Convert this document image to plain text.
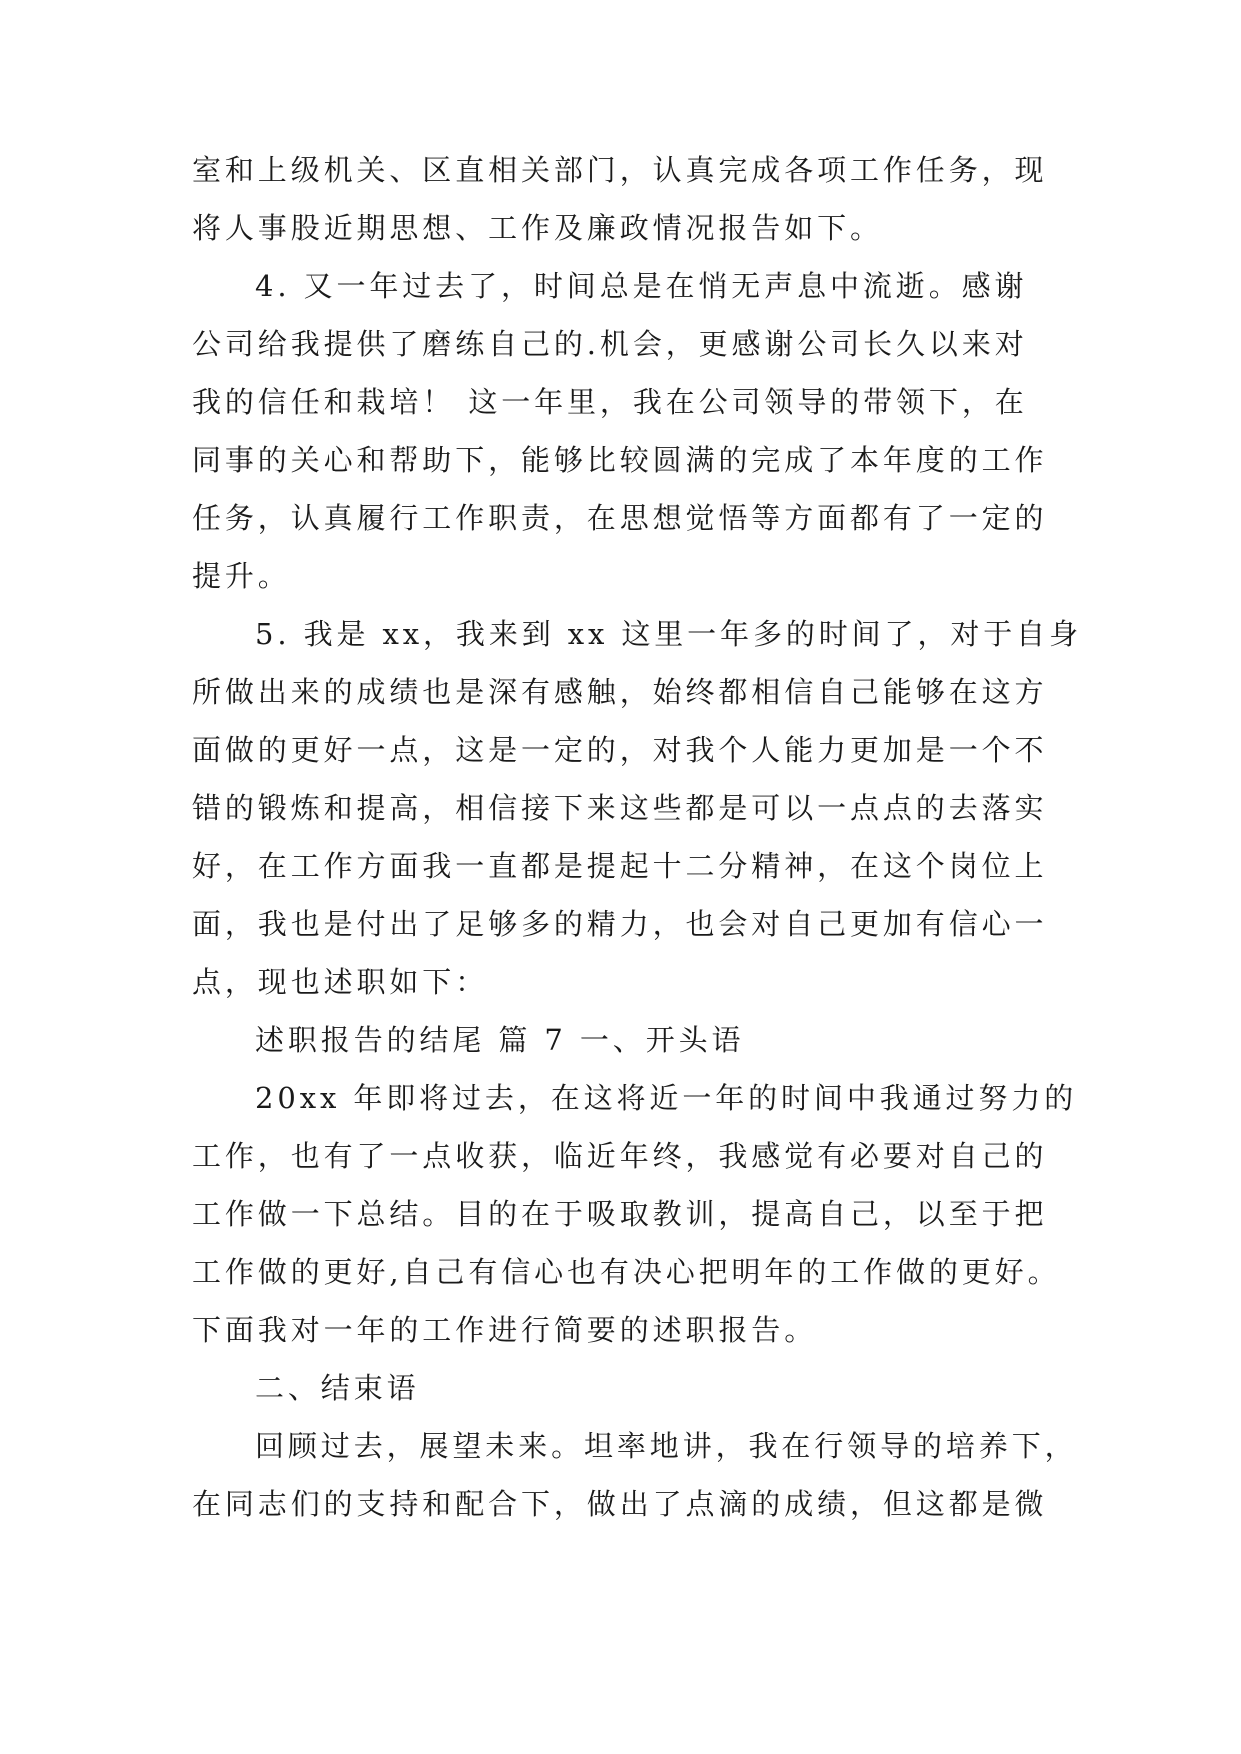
室和上级机关、区直相关部门，认真完成各项工作任务，现
将人事股近期思想、工作及廉政情况报告如下。
4. 又一年过去了，时间总是在悄无声息中流逝。感谢
公司给我提供了磨练自己的.机会，更感谢公司长久以来对
我的信任和栽培！ 这一年里，我在公司领导的带领下，在
同事的关心和帮助下，能够比较圆满的完成了本年度的工作
任务，认真履行工作职责，在思想觉悟等方面都有了一定的
提升。
5. 我是 xx，我来到 xx 这里一年多的时间了，对于自身
所做出来的成绩也是深有感触，始终都相信自己能够在这方
面做的更好一点，这是一定的，对我个人能力更加是一个不
错的锻炼和提高，相信接下来这些都是可以一点点的去落实
好，在工作方面我一直都是提起十二分精神，在这个岗位上
面，我也是付出了足够多的精力，也会对自己更加有信心一
点，现也述职如下：
述职报告的结尾 篇 7 一、开头语
20xx 年即将过去，在这将近一年的时间中我通过努力的
工作，也有了一点收获，临近年终，我感觉有必要对自己的
工作做一下总结。目的在于吸取教训，提高自己，以至于把
工作做的更好,自己有信心也有决心把明年的工作做的更好。
下面我对一年的工作进行简要的述职报告。
二、结束语
回顾过去，展望未来。坦率地讲，我在行领导的培养下，
在同志们的支持和配合下，做出了点滴的成绩，但这都是微
